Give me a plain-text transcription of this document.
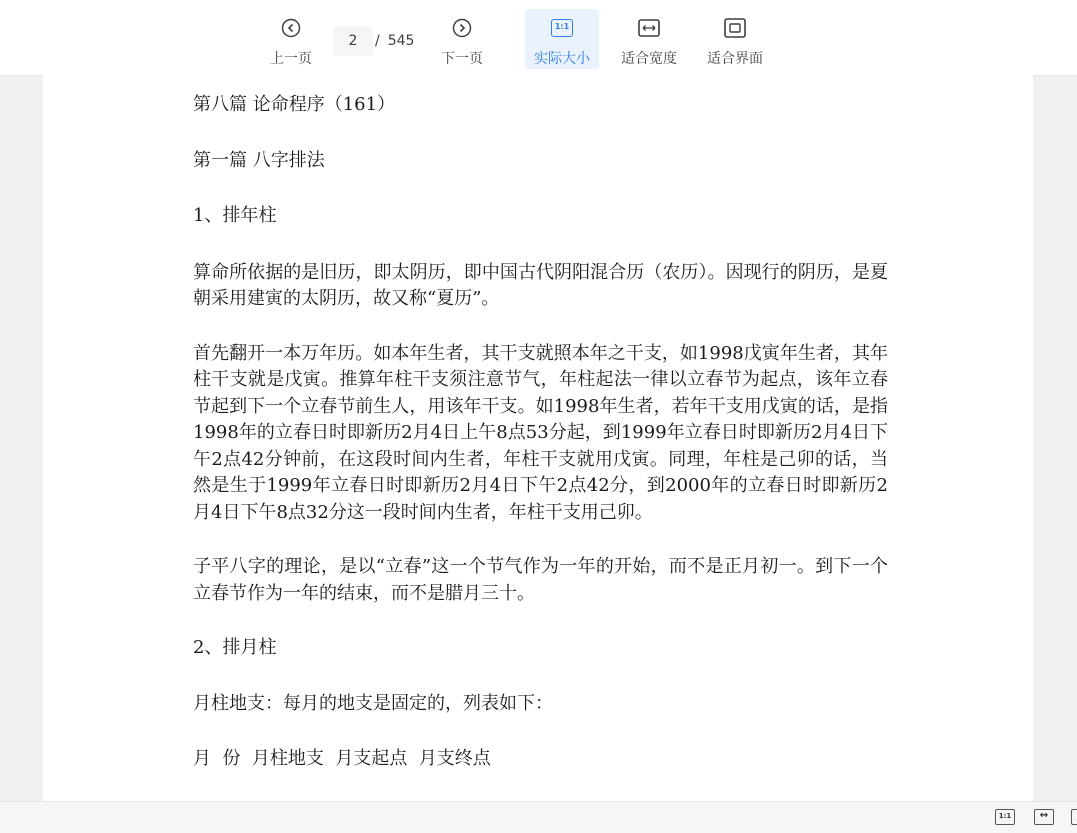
上一页
2	/ 545
下一页
1:1
实际大小 适合宽度 适合界面

第八篇 论命程序（161）

第一篇 八字排法

1、排年柱

算命所依据的是旧历，即太阴历，即中国古代阴阳混合历（农历）。因现行的阴历，是夏朝采用建寅的太阴历，故又称“夏历”。

首先翻开一本万年历。如本年生者，其干支就照本年之干支，如1998戊寅年生者，其年柱干支就是戊寅。推算年柱干支须注意节气，年柱起法一律以立春节为起点，该年立春节起到下一个立春节前生人，用该年干支。如1998年生者，若年干支用戊寅的话，是指1998年的立春日时即新历2月4日上午8点53分起，到1999年立春日时即新历2月4日下午2点42分钟前，在这段时间内生者，年柱干支就用戊寅。同理，年柱是己卯的话，当然是生于1999年立春日时即新历2月4日下午2点42分，到2000年的立春日时即新历2月4日下午8点32分这一段时间内生者，年柱干支用己卯。

子平八字的理论，是以“立春”这一个节气作为一年的开始，而不是正月初一。到下一个立春节作为一年的结束，而不是腊月三十。

2、排月柱

月柱地支：每月的地支是固定的，列表如下：

月  份  月柱地支  月支起点  月支终点

1:1	↔
